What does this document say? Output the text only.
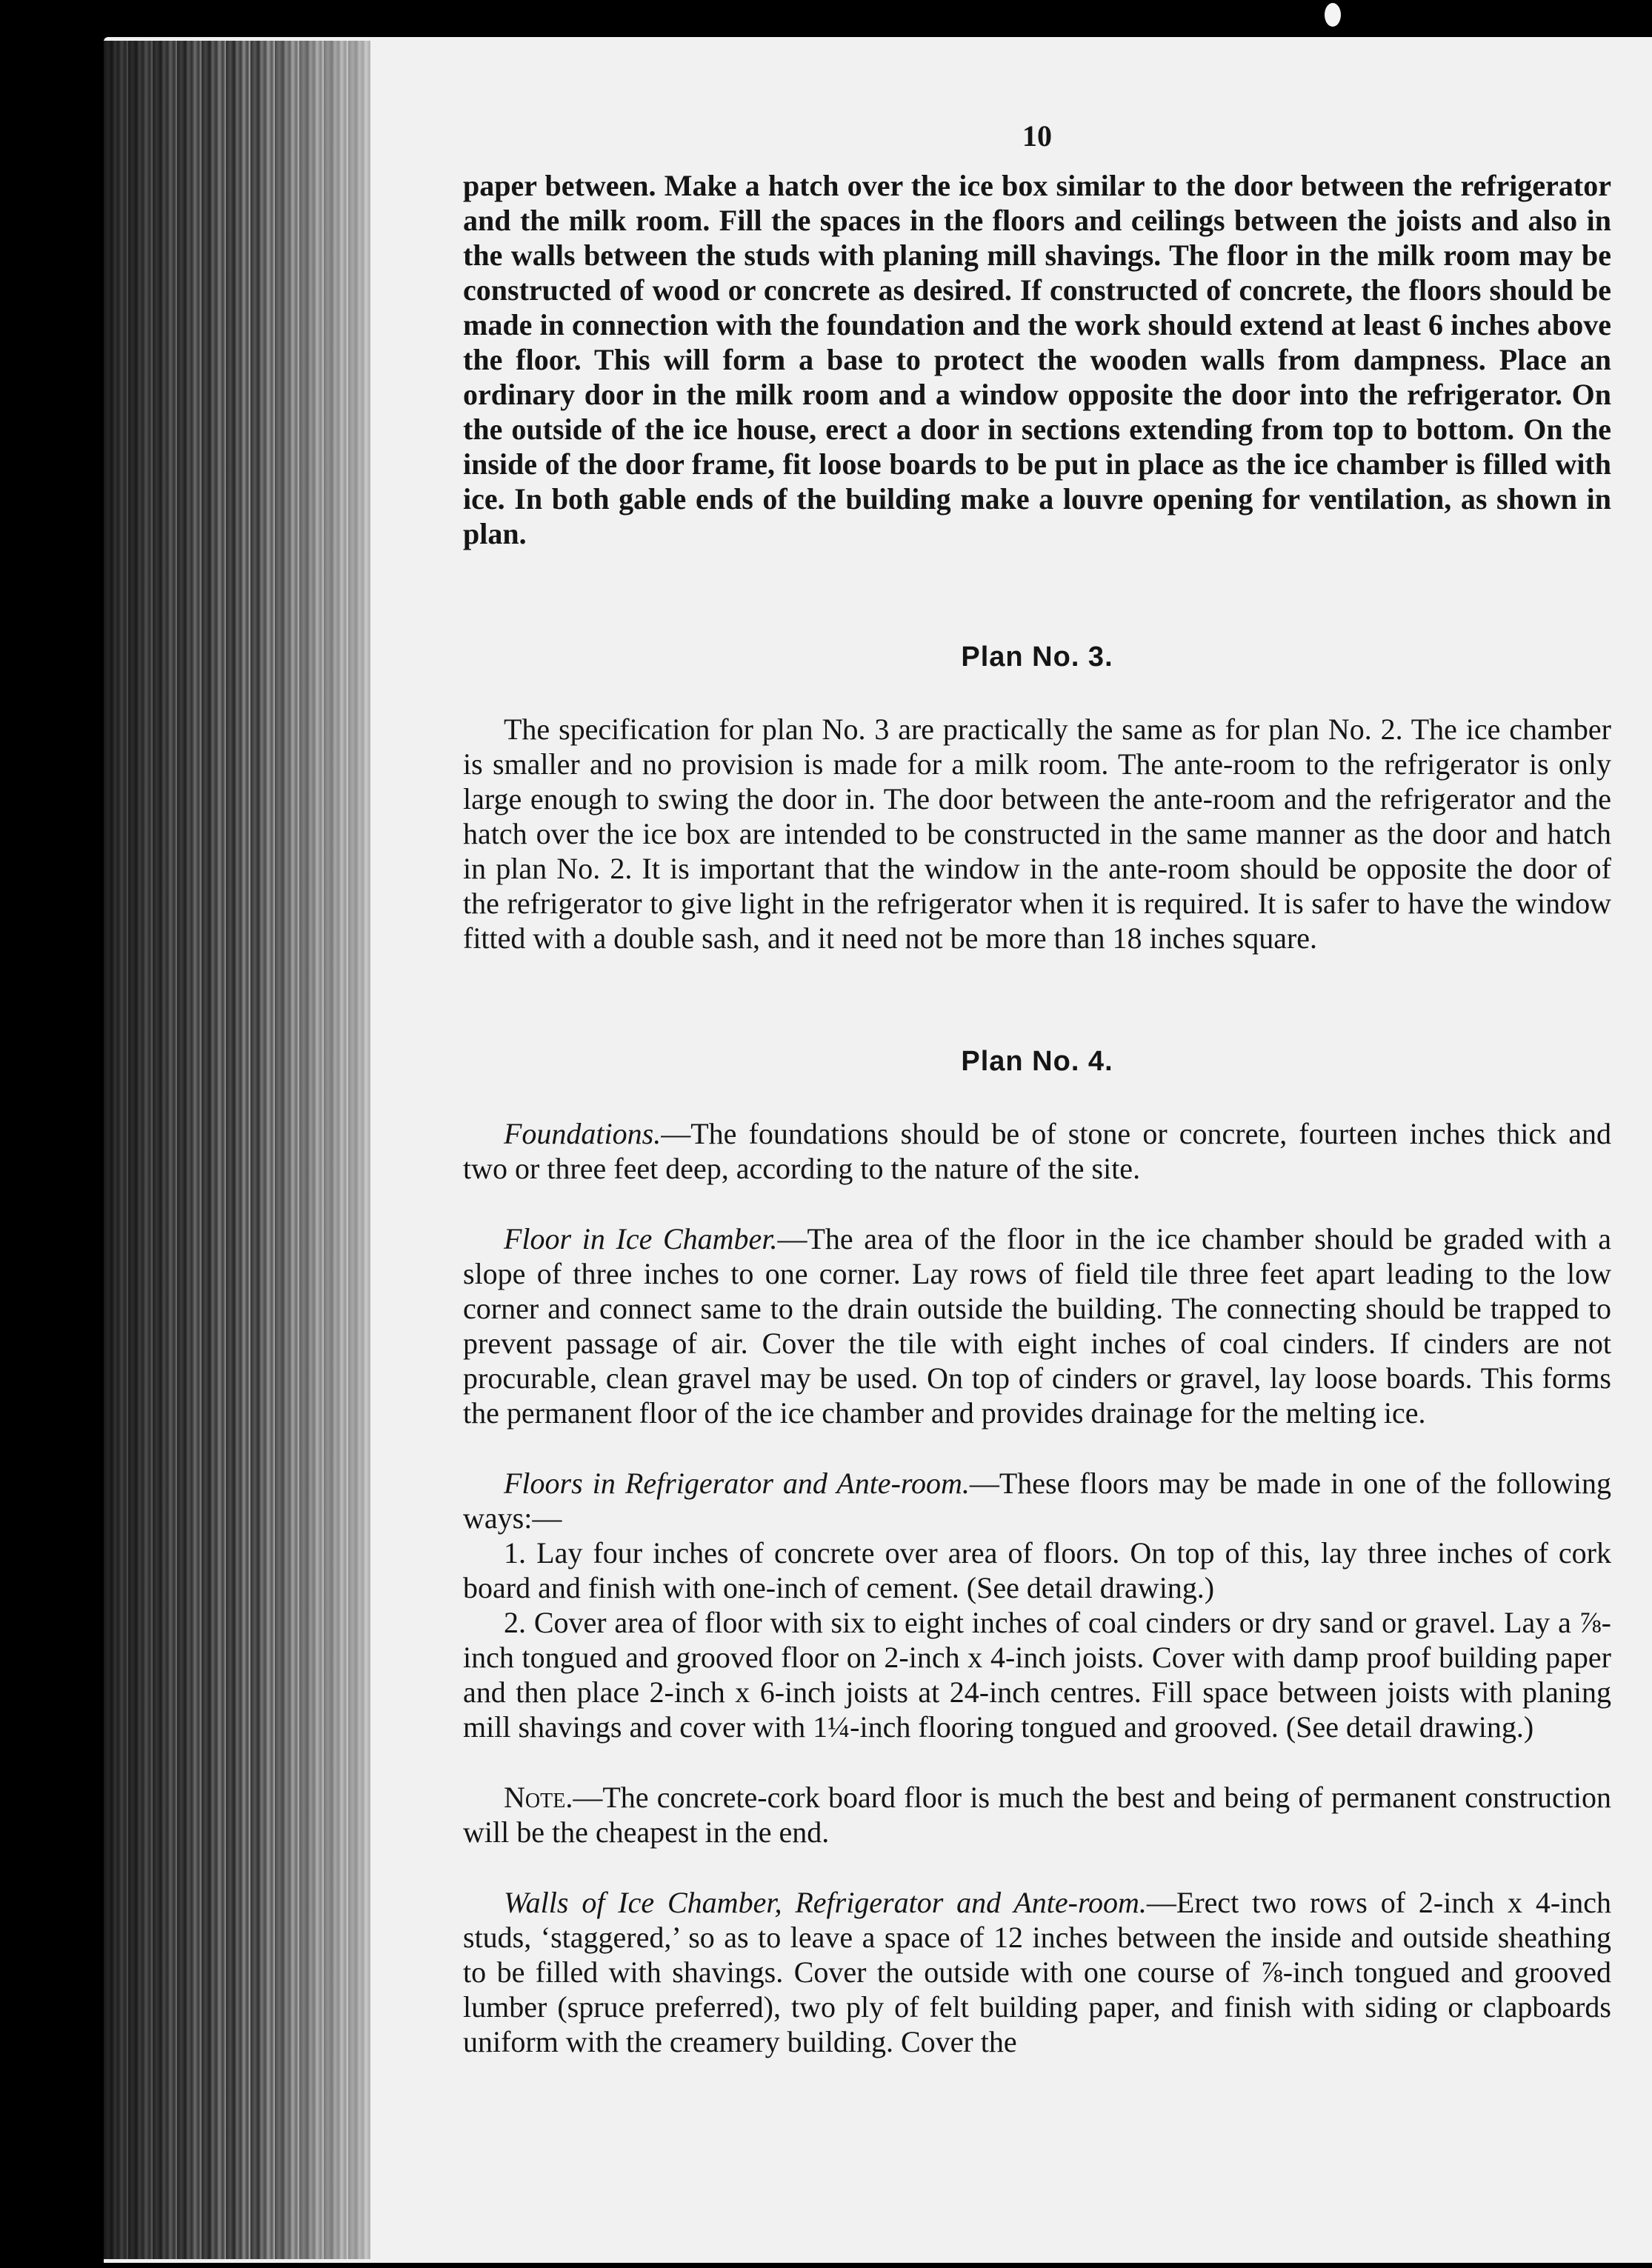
10

paper between. Make a hatch over the ice box similar to the door between the refrigerator and the milk room. Fill the spaces in the floors and ceilings between the joists and also in the walls between the studs with planing mill shavings. The floor in the milk room may be constructed of wood or concrete as desired. If constructed of concrete, the floors should be made in connection with the foundation and the work should extend at least 6 inches above the floor. This will form a base to protect the wooden walls from dampness. Place an ordinary door in the milk room and a window opposite the door into the refrigerator. On the outside of the ice house, erect a door in sections extending from top to bottom. On the inside of the door frame, fit loose boards to be put in place as the ice chamber is filled with ice. In both gable ends of the building make a louvre opening for ventilation, as shown in plan.

Plan No. 3.

The specification for plan No. 3 are practically the same as for plan No. 2. The ice chamber is smaller and no provision is made for a milk room. The ante-room to the refrigerator is only large enough to swing the door in. The door between the ante-room and the refrigerator and the hatch over the ice box are intended to be constructed in the same manner as the door and hatch in plan No. 2. It is important that the window in the ante-room should be opposite the door of the refrigerator to give light in the refrigerator when it is required. It is safer to have the window fitted with a double sash, and it need not be more than 18 inches square.

Plan No. 4.

Foundations.—The foundations should be of stone or concrete, fourteen inches thick and two or three feet deep, according to the nature of the site.

Floor in Ice Chamber.—The area of the floor in the ice chamber should be graded with a slope of three inches to one corner. Lay rows of field tile three feet apart leading to the low corner and connect same to the drain outside the building. The connecting should be trapped to prevent passage of air. Cover the tile with eight inches of coal cinders. If cinders are not procurable, clean gravel may be used. On top of cinders or gravel, lay loose boards. This forms the permanent floor of the ice chamber and provides drainage for the melting ice.

Floors in Refrigerator and Ante-room.—These floors may be made in one of the following ways:—

1. Lay four inches of concrete over area of floors. On top of this, lay three inches of cork board and finish with one-inch of cement. (See detail drawing.)

2. Cover area of floor with six to eight inches of coal cinders or dry sand or gravel. Lay a ⅞-inch tongued and grooved floor on 2-inch x 4-inch joists. Cover with damp proof building paper and then place 2-inch x 6-inch joists at 24-inch centres. Fill space between joists with planing mill shavings and cover with 1¼-inch flooring tongued and grooved. (See detail drawing.)

Note.—The concrete-cork board floor is much the best and being of permanent construction will be the cheapest in the end.

Walls of Ice Chamber, Refrigerator and Ante-room.—Erect two rows of 2-inch x 4-inch studs, ‘staggered,’ so as to leave a space of 12 inches between the inside and outside sheathing to be filled with shavings. Cover the outside with one course of ⅞-inch tongued and grooved lumber (spruce preferred), two ply of felt building paper, and finish with siding or clapboards uniform with the creamery building. Cover the
